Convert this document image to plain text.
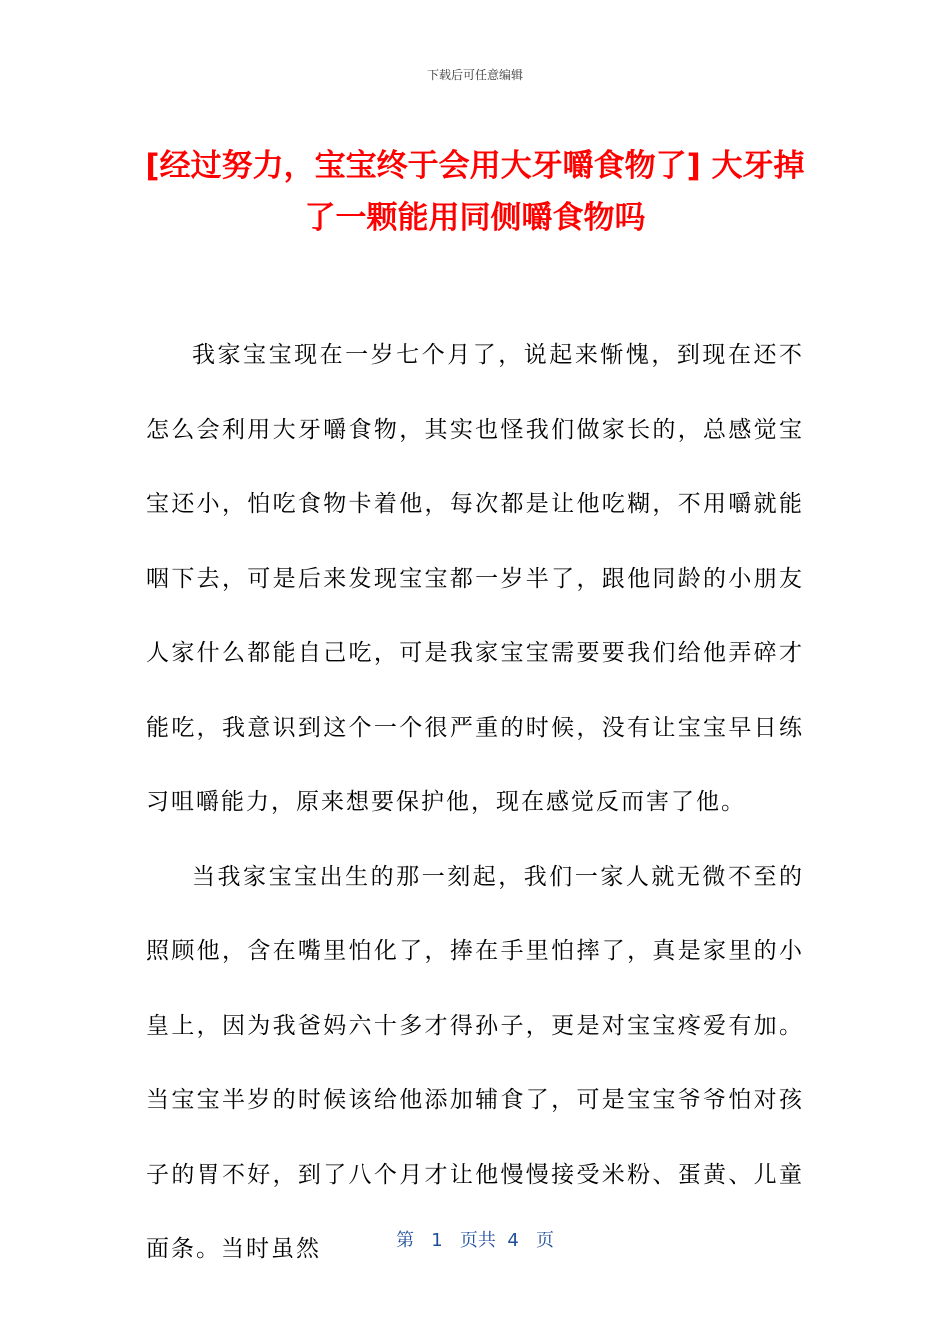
下载后可任意编辑
[经过努力，宝宝终于会用大牙嚼食物了] 大牙掉了一颗能用同侧嚼食物吗

我家宝宝现在一岁七个月了，说起来惭愧，到现在还不怎么会利用大牙嚼食物，其实也怪我们做家长的，总感觉宝宝还小，怕吃食物卡着他，每次都是让他吃糊，不用嚼就能咽下去，可是后来发现宝宝都一岁半了，跟他同龄的小朋友人家什么都能自己吃，可是我家宝宝需要要我们给他弄碎才能吃，我意识到这个一个很严重的时候，没有让宝宝早日练习咀嚼能力，原来想要保护他，现在感觉反而害了他。

当我家宝宝出生的那一刻起，我们一家人就无微不至的照顾他，含在嘴里怕化了，捧在手里怕摔了，真是家里的小皇上，因为我爸妈六十多才得孙子，更是对宝宝疼爱有加。当宝宝半岁的时候该给他添加辅食了，可是宝宝爷爷怕对孩子的胃不好，到了八个月才让他慢慢接受米粉、蛋黄、儿童面条。当时虽然	第 1 页共 4 页
